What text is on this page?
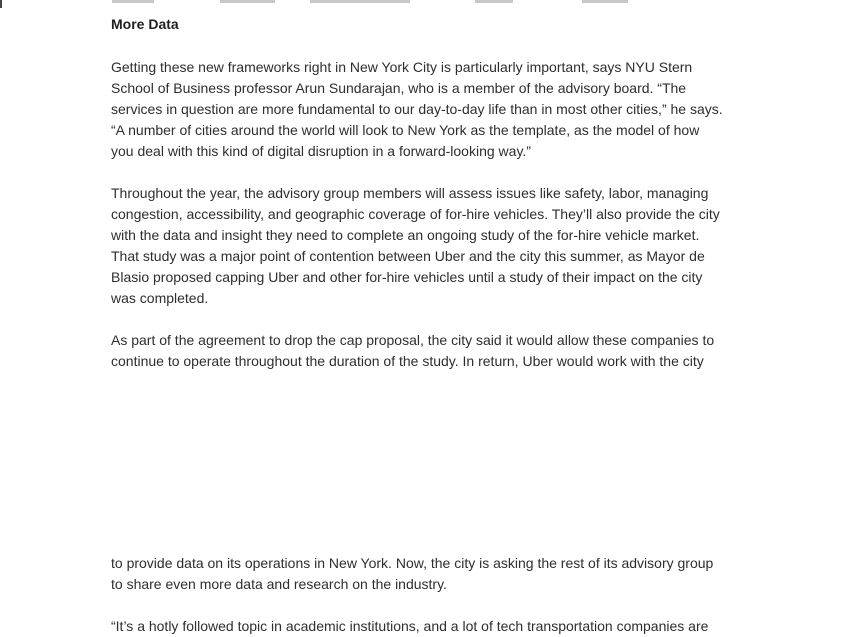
More Data
Getting these new frameworks right in New York City is particularly important, says NYU Stern
School of Business professor Arun Sundarajan, who is a member of the advisory board. “The
services in question are more fundamental to our day-to-day life than in most other cities,” he says.
“A number of cities around the world will look to New York as the template, as the model of how
you deal with this kind of digital disruption in a forward-looking way.”
Throughout the year, the advisory group members will assess issues like safety, labor, managing
congestion, accessibility, and geographic coverage of for-hire vehicles. They’ll also provide the city
with the data and insight they need to complete an ongoing study of the for-hire vehicle market.
That study was a major point of contention between Uber and the city this summer, as Mayor de
Blasio proposed capping Uber and other for-hire vehicles until a study of their impact on the city
was completed.
As part of the agreement to drop the cap proposal, the city said it would allow these companies to
continue to operate throughout the duration of the study. In return, Uber would work with the city
to provide data on its operations in New York. Now, the city is asking the rest of its advisory group
to share even more data and research on the industry.
“It’s a hotly followed topic in academic institutions, and a lot of tech transportation companies are
